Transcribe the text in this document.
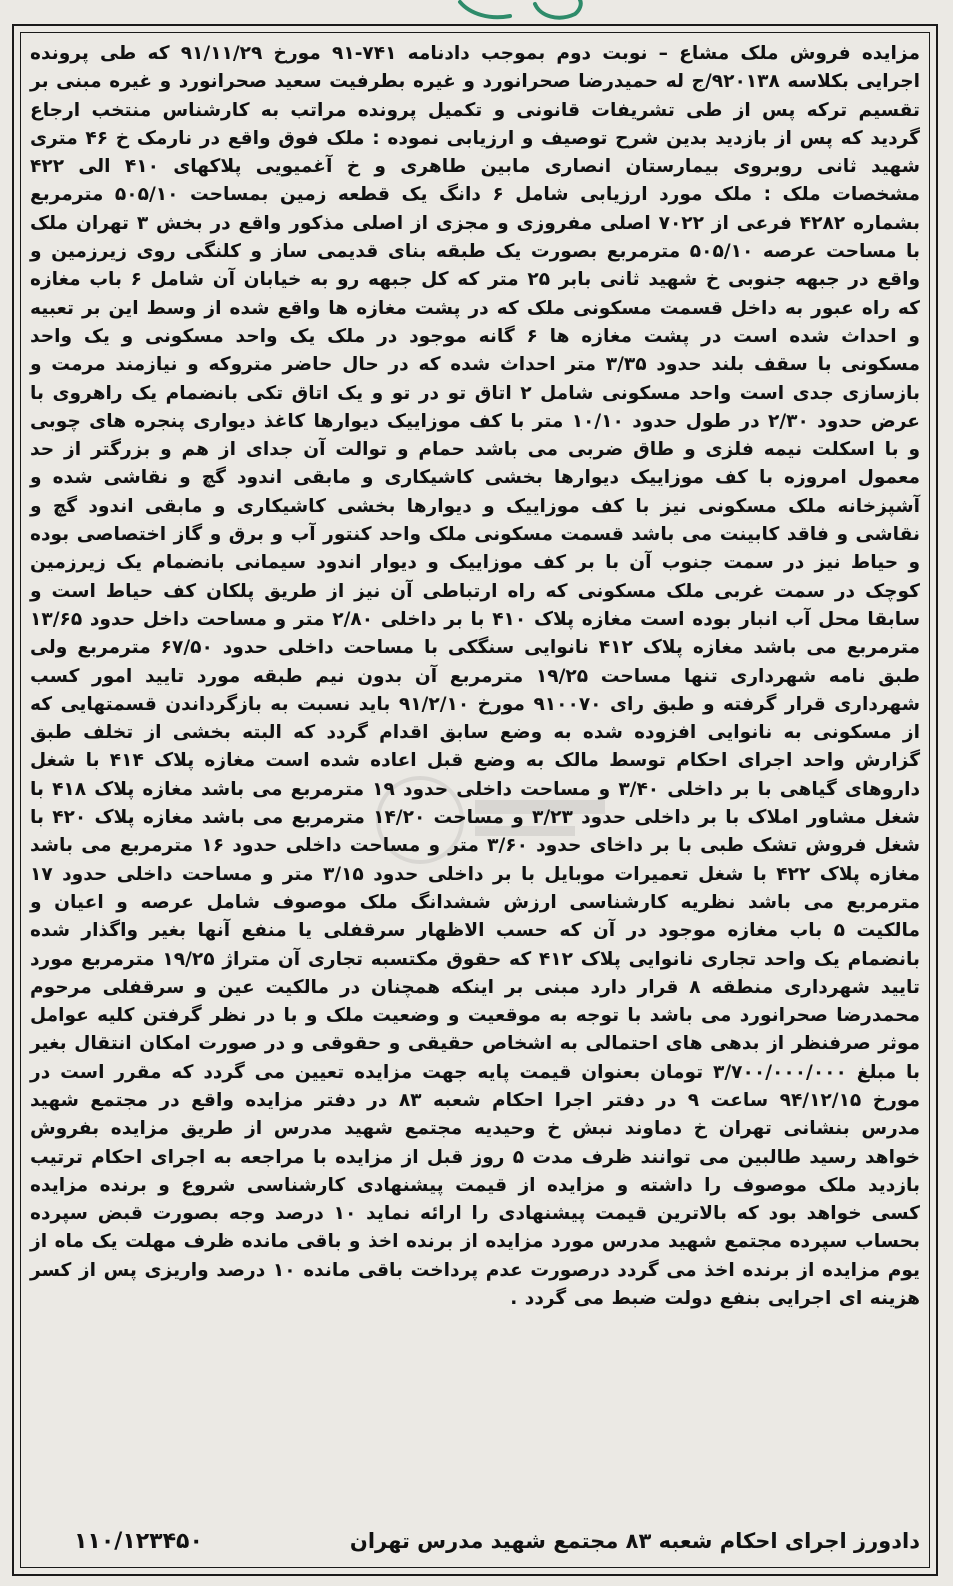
مزایده فروش ملک مشاع – نوبت دوم بموجب دادنامه ۷۴۱-۹۱ مورخ ۹۱/۱۱/۲۹ که طی پرونده اجرایی بکلاسه ۹۲۰۱۳۸/ج له حمیدرضا صحرانورد و غیره بطرفیت سعید صحرانورد و غیره مبنی بر تقسیم ترکه پس از طی تشریفات قانونی و تکمیل پرونده مراتب به کارشناس منتخب ارجاع گردید که پس از بازدید بدین شرح توصیف و ارزیابی نموده : ملک فوق واقع در نارمک خ ۴۶ متری شهید ثانی روبروی بیمارستان انصاری مابین طاهری و خ آغمیویی پلاکهای ۴۱۰ الی ۴۲۲ مشخصات ملک : ملک مورد ارزیابی شامل ۶ دانگ یک قطعه زمین بمساحت ۵۰۵/۱۰ مترمربع بشماره ۴۲۸۲ فرعی از ۷۰۲۲ اصلی مفروزی و مجزی از اصلی مذکور واقع در بخش ۳ تهران ملک با مساحت عرصه ۵۰۵/۱۰ مترمربع بصورت یک طبقه بنای قدیمی ساز و کلنگی روی زیرزمین و واقع در جبهه جنوبی خ شهید ثانی بابر ۲۵ متر که کل جبهه رو به خیابان آن شامل ۶ باب مغازه که راه عبور به داخل قسمت مسکونی ملک که در پشت مغازه ها واقع شده از وسط این بر تعبیه و احداث شده است در پشت مغازه ها ۶ گانه موجود در ملک یک واحد مسکونی و یک واحد مسکونی با سقف بلند حدود ۳/۳۵ متر احداث شده که در حال حاضر متروکه و نیازمند مرمت و بازسازی جدی است واحد مسکونی شامل ۲ اتاق تو در تو و یک اتاق تکی بانضمام یک راهروی با عرض حدود ۲/۳۰ در طول حدود ۱۰/۱۰ متر با کف موزاییک دیوارها کاغذ دیواری پنجره های چوبی و با اسکلت نیمه فلزی و طاق ضربی می باشد حمام و توالت آن جدای از هم و بزرگتر از حد معمول امروزه با کف موزاییک دیوارها بخشی کاشیکاری و مابقی اندود گچ و نقاشی شده و آشپزخانه ملک مسکونی نیز با کف موزاییک و دیوارها بخشی کاشیکاری و مابقی اندود گچ و نقاشی و فاقد کابینت می باشد قسمت مسکونی ملک واحد کنتور آب و برق و گاز اختصاصی بوده و حیاط نیز در سمت جنوب آن با بر کف موزاییک و دیوار اندود سیمانی بانضمام یک زیرزمین کوچک در سمت غربی ملک مسکونی که راه ارتباطی آن نیز از طریق پلکان کف حیاط است و سابقا محل آب انبار بوده است مغازه پلاک ۴۱۰ با بر داخلی ۲/۸۰ متر و مساحت داخل حدود ۱۳/۶۵ مترمربع می باشد مغازه پلاک ۴۱۲ نانوایی سنگکی با مساحت داخلی حدود ۶۷/۵۰ مترمربع ولی طبق نامه شهرداری تنها مساحت ۱۹/۲۵ مترمربع آن بدون نیم طبقه مورد تایید امور کسب شهرداری قرار گرفته و طبق رای ۹۱۰۰۷۰ مورخ ۹۱/۲/۱۰ باید نسبت به بازگرداندن قسمتهایی که از مسکونی به نانوایی افزوده شده به وضع سابق اقدام گردد که البته بخشی از تخلف طبق گزارش واحد اجرای احکام توسط مالک به وضع قبل اعاده شده است مغازه پلاک ۴۱۴ با شغل داروهای گیاهی با بر داخلی ۳/۴۰ و مساحت داخلی حدود ۱۹ مترمربع می باشد مغازه پلاک ۴۱۸ با شغل مشاور املاک با بر داخلی حدود ۳/۲۳ و مساحت ۱۴/۲۰ مترمربع می باشد مغازه پلاک ۴۲۰ با شغل فروش تشک طبی با بر داخای حدود ۳/۶۰ متر و مساحت داخلی حدود ۱۶ مترمربع می باشد مغازه پلاک ۴۲۲ با شغل تعمیرات موبایل با بر داخلی حدود ۳/۱۵ متر و مساحت داخلی حدود ۱۷ مترمربع می باشد نظریه کارشناسی ارزش ششدانگ ملک موصوف شامل عرصه و اعیان و مالکیت ۵ باب مغازه موجود در آن که حسب الاظهار سرقفلی یا منفع آنها بغیر واگذار شده بانضمام یک واحد تجاری نانوایی پلاک ۴۱۲ که حقوق مکتسبه تجاری آن متراژ ۱۹/۲۵ مترمربع مورد تایید شهرداری منطقه ۸ قرار دارد مبنی بر اینکه همچنان در مالکیت عین و سرقفلی مرحوم محمدرضا صحرانورد می باشد با توجه به موقعیت و وضعیت ملک و با در نظر گرفتن کلیه عوامل موثر صرفنظر از بدهی های احتمالی به اشخاص حقیقی و حقوقی و در صورت امکان انتقال بغیر با مبلغ ۳/۷۰۰/۰۰۰/۰۰۰ تومان بعنوان قیمت پایه جهت مزایده تعیین می گردد که مقرر است در مورخ ۹۴/۱۲/۱۵ ساعت ۹ در دفتر اجرا احکام شعبه ۸۳ در دفتر مزایده واقع در مجتمع شهید مدرس بنشانی تهران خ دماوند نبش خ وحیدیه مجتمع شهید مدرس از طریق مزایده بفروش خواهد رسید طالبین می توانند ظرف مدت ۵ روز قبل از مزایده با مراجعه به اجرای احکام ترتیب بازدید ملک موصوف را داشته و مزایده از قیمت پیشنهادی کارشناسی شروع و برنده مزایده کسی خواهد بود که بالاترین قیمت پیشنهادی را ارائه نماید ۱۰ درصد وجه بصورت قبض سپرده بحساب سپرده مجتمع شهید مدرس مورد مزایده از برنده اخذ و باقی مانده ظرف مهلت یک ماه از یوم مزایده از برنده اخذ می گردد درصورت عدم پرداخت باقی مانده ۱۰ درصد واریزی پس از کسر هزینه ای اجرایی بنفع دولت ضبط می گردد .
دادورز اجرای احکام شعبه ۸۳ مجتمع شهید مدرس تهران
۱۱۰/۱۲۳۴۵۰
